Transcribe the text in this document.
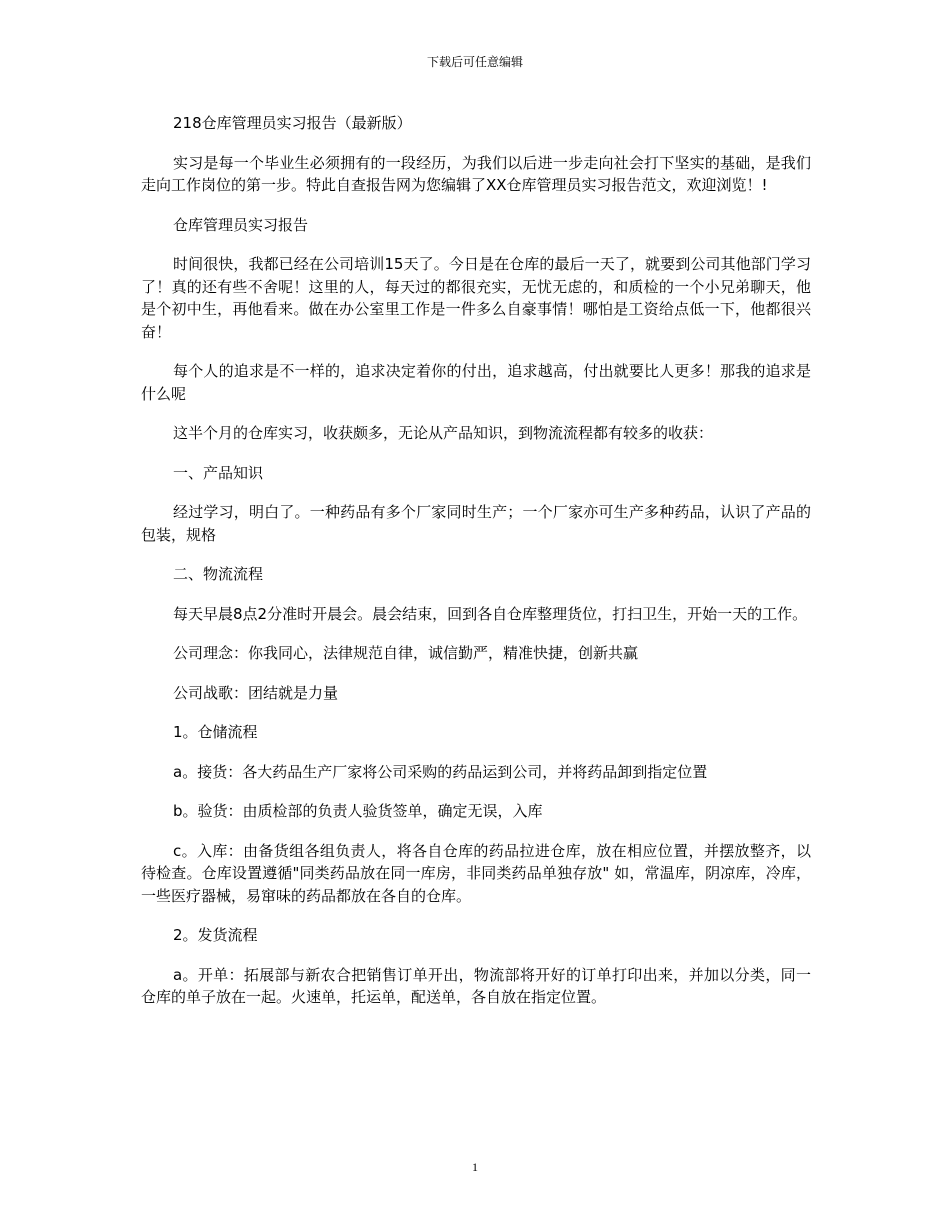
下载后可任意编辑

218仓库管理员实习报告（最新版）

实习是每一个毕业生必须拥有的一段经历，为我们以后进一步走向社会打下坚实的基础，是我们走向工作岗位的第一步。特此自查报告网为您编辑了XX仓库管理员实习报告范文，欢迎浏览！!

仓库管理员实习报告

时间很快，我都已经在公司培训15天了。今日是在仓库的最后一天了，就要到公司其他部门学习了！真的还有些不舍呢！这里的人，每天过的都很充实，无忧无虑的，和质检的一个小兄弟聊天，他是个初中生，再他看来。做在办公室里工作是一件多么自豪事情！哪怕是工资给点低一下，他都很兴奋！

每个人的追求是不一样的，追求决定着你的付出，追求越高，付出就要比人更多！那我的追求是什么呢

这半个月的仓库实习，收获颇多，无论从产品知识，到物流流程都有较多的收获：

一、产品知识

经过学习，明白了。一种药品有多个厂家同时生产；一个厂家亦可生产多种药品，认识了产品的包装，规格

二、物流流程

每天早晨8点2分准时开晨会。晨会结束，回到各自仓库整理货位，打扫卫生，开始一天的工作。

公司理念：你我同心，法律规范自律，诚信勤严，精准快捷，创新共赢

公司战歌：团结就是力量

1。仓储流程

a。接货：各大药品生产厂家将公司采购的药品运到公司，并将药品卸到指定位置

b。验货：由质检部的负责人验货签单，确定无误，入库

c。入库：由备货组各组负责人，将各自仓库的药品拉进仓库，放在相应位置，并摆放整齐，以待检查。仓库设置遵循"同类药品放在同一库房，非同类药品单独存放" 如，常温库，阴凉库，冷库，一些医疗器械，易窜味的药品都放在各自的仓库。

2。发货流程

a。开单：拓展部与新农合把销售订单开出，物流部将开好的订单打印出来，并加以分类，同一仓库的单子放在一起。火速单，托运单，配送单，各自放在指定位置。

1
